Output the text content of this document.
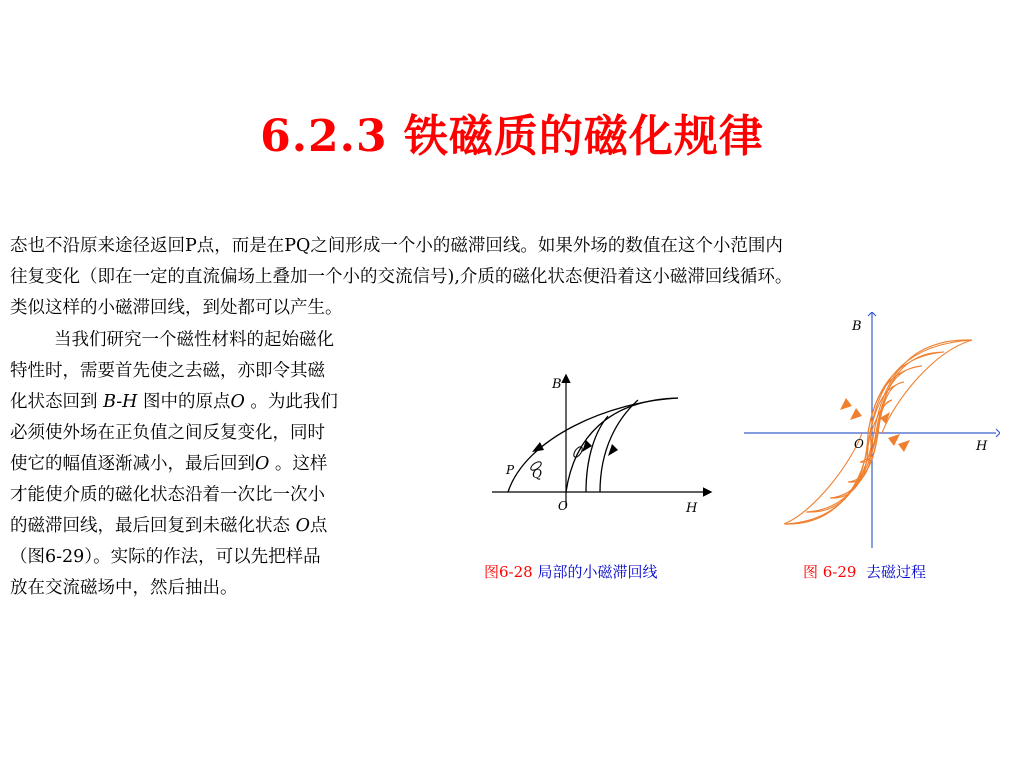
6.2.3 铁磁质的磁化规律
态也不沿原来途径返回P点，而是在PQ之间形成一个小的磁滞回线。如果外场的数值在这个小范围内
往复变化（即在一定的直流偏场上叠加一个小的交流信号),介质的磁化状态便沿着这小磁滞回线循环。
类似这样的小磁滞回线，到处都可以产生。
当我们研究一个磁性材料的起始磁化
特性时，需要首先使之去磁，亦即令其磁
化状态回到 B-H 图中的原点O 。为此我们
必须使外场在正负值之间反复变化，同时
使它的幅值逐渐减小，最后回到O 。这样
才能使介质的磁化状态沿着一次比一次小
的磁滞回线，最后回复到未磁化状态 O点
（图6-29）。实际的作法，可以先把样品
放在交流磁场中，然后抽出。
B
H
O
P Q
图6-28 局部的小磁滞回线
B
H
O
图 6-29 去磁过程
